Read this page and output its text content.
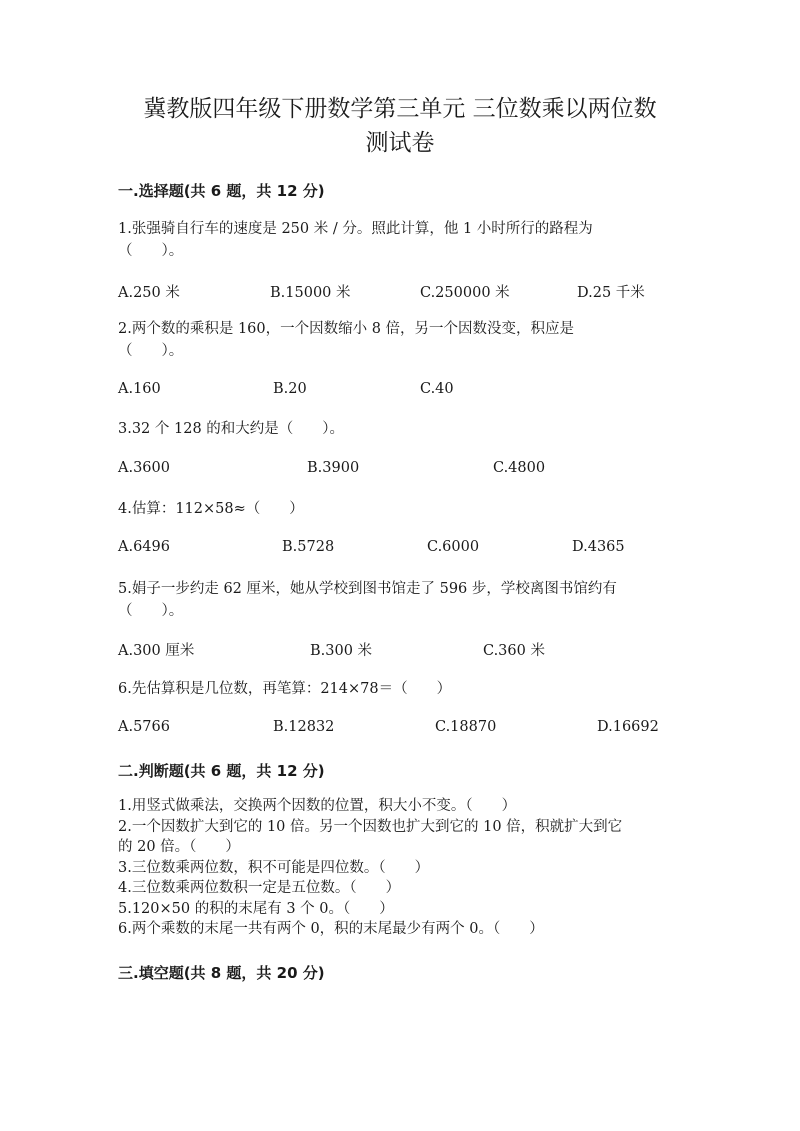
冀教版四年级下册数学第三单元 三位数乘以两位数
测试卷
一.选择题(共 6 题，共 12 分)
1.张强骑自行车的速度是 250 米 / 分。照此计算，他 1 小时所行的路程为
（　　）。
A.250 米	B.15000 米	C.250000 米	D.25 千米
2.两个数的乘积是 160，一个因数缩小 8 倍，另一个因数没变，积应是
（　　）。
A.160	B.20	C.40
3.32 个 128 的和大约是（　　）。
A.3600	B.3900	C.4800
4.估算：112×58≈（　　）
A.6496	B.5728	C.6000	D.4365
5.娟子一步约走 62 厘米，她从学校到图书馆走了 596 步，学校离图书馆约有
（　　）。
A.300 厘米	B.300 米	C.360 米
6.先估算积是几位数，再笔算：214×78＝（　　）
A.5766	B.12832	C.18870	D.16692
二.判断题(共 6 题，共 12 分)
1.用竖式做乘法，交换两个因数的位置，积大小不变。（　　）
2.一个因数扩大到它的 10 倍。另一个因数也扩大到它的 10 倍，积就扩大到它
的 20 倍。（　　）
3.三位数乘两位数，积不可能是四位数。（　　）
4.三位数乘两位数积一定是五位数。（　　）
5.120×50 的积的末尾有 3 个 0。（　　）
6.两个乘数的末尾一共有两个 0，积的末尾最少有两个 0。（　　）
三.填空题(共 8 题，共 20 分)
